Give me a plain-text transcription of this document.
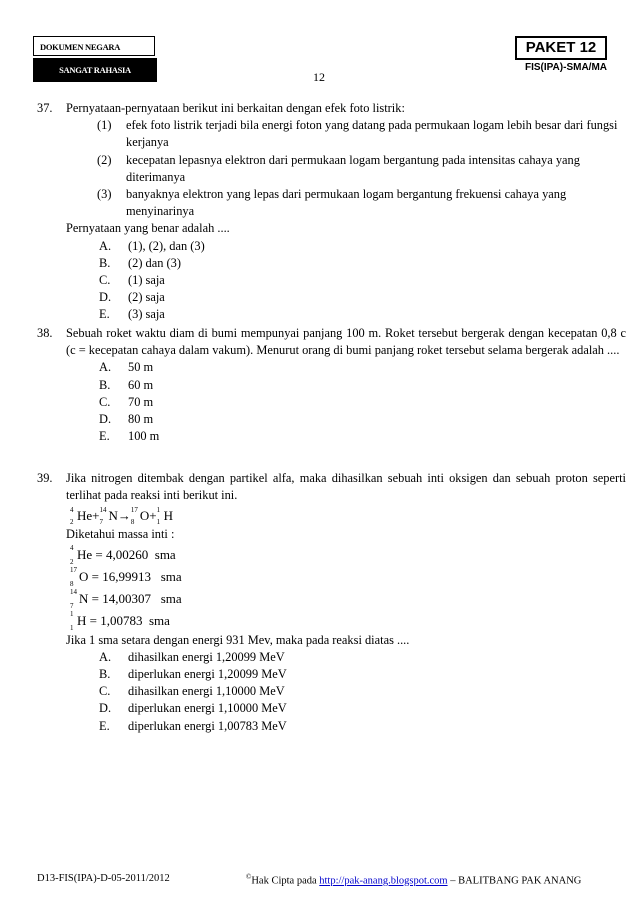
DOKUMEN NEGARA
SANGAT RAHASIA	12
PAKET 12
FIS(IPA)-SMA/MA
37. Pernyataan-pernyataan berikut ini berkaitan dengan efek foto listrik:
(1) efek foto listrik terjadi bila energi foton yang datang pada permukaan logam lebih besar dari fungsi kerjanya
(2) kecepatan lepasnya elektron dari permukaan logam bergantung pada intensitas cahaya yang diterimanya
(3) banyaknya elektron yang lepas dari permukaan logam bergantung frekuensi cahaya yang menyinarinya
Pernyataan yang benar adalah ....
A. (1), (2), dan (3)
B. (2) dan (3)
C. (1) saja
D. (2) saja
E. (3) saja
38. Sebuah roket waktu diam di bumi mempunyai panjang 100 m. Roket tersebut bergerak dengan kecepatan 0,8 c (c = kecepatan cahaya dalam vakum). Menurut orang di bumi panjang roket tersebut selama bergerak adalah ....
A. 50 m
B. 60 m
C. 70 m
D. 80 m
E. 100 m
39. Jika nitrogen ditembak dengan partikel alfa, maka dihasilkan sebuah inti oksigen dan sebuah proton seperti terlihat pada reaksi inti berikut ini.
4
2 He+ 14
7 N→ 17
8 O+ 1
1 H
Diketahui massa inti :
4
2 He = 4,00260 sma
17
8 O = 16,99913 sma
14
7 N = 14,00307 sma
1
1 H = 1,00783 sma
Jika 1 sma setara dengan energi 931 Mev, maka pada reaksi diatas ....
A. dihasilkan energi 1,20099 MeV
B. diperlukan energi 1,20099 MeV
C. dihasilkan energi 1,10000 MeV
D. diperlukan energi 1,10000 MeV
E. diperlukan energi 1,00783 MeV
D13-FIS(IPA)-D-05-2011/2012	©Hak Cipta pada http://pak-anang.blogspot.com – BALITBANG PAK ANANG
